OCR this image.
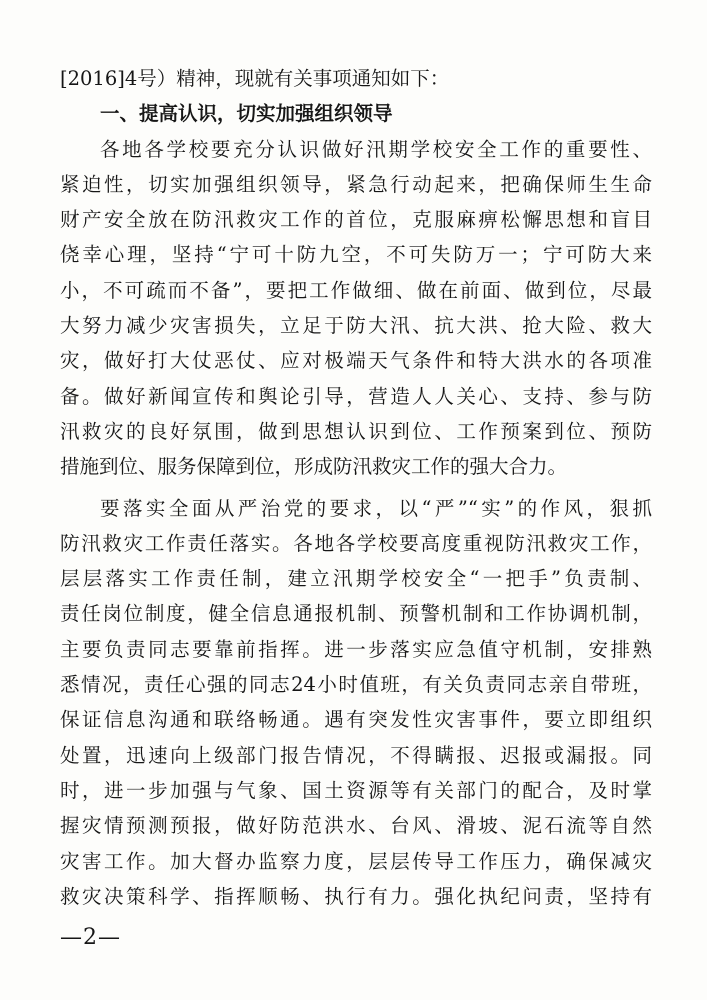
[2016]4号）精神，现就有关事项通知如下：
一、提高认识，切实加强组织领导
各地各学校要充分认识做好汛期学校安全工作的重要性、
紧迫性，切实加强组织领导，紧急行动起来，把确保师生生命
财产安全放在防汛救灾工作的首位，克服麻痹松懈思想和盲目
侥幸心理，坚持“宁可十防九空，不可失防万一；宁可防大来
小，不可疏而不备”，要把工作做细、做在前面、做到位，尽最
大努力减少灾害损失，立足于防大汛、抗大洪、抢大险、救大
灾，做好打大仗恶仗、应对极端天气条件和特大洪水的各项准
备。做好新闻宣传和舆论引导，营造人人关心、支持、参与防
汛救灾的良好氛围，做到思想认识到位、工作预案到位、预防
措施到位、服务保障到位，形成防汛救灾工作的强大合力。
要落实全面从严治党的要求，以“严”“实”的作风，狠抓
防汛救灾工作责任落实。各地各学校要高度重视防汛救灾工作，
层层落实工作责任制，建立汛期学校安全“一把手”负责制、
责任岗位制度，健全信息通报机制、预警机制和工作协调机制，
主要负责同志要靠前指挥。进一步落实应急值守机制，安排熟
悉情况，责任心强的同志24小时值班，有关负责同志亲自带班，
保证信息沟通和联络畅通。遇有突发性灾害事件，要立即组织
处置，迅速向上级部门报告情况，不得瞒报、迟报或漏报。同
时，进一步加强与气象、国土资源等有关部门的配合，及时掌
握灾情预测预报，做好防范洪水、台风、滑坡、泥石流等自然
灾害工作。加大督办监察力度，层层传导工作压力，确保减灾
救灾决策科学、指挥顺畅、执行有力。强化执纪问责，坚持有
—2—
